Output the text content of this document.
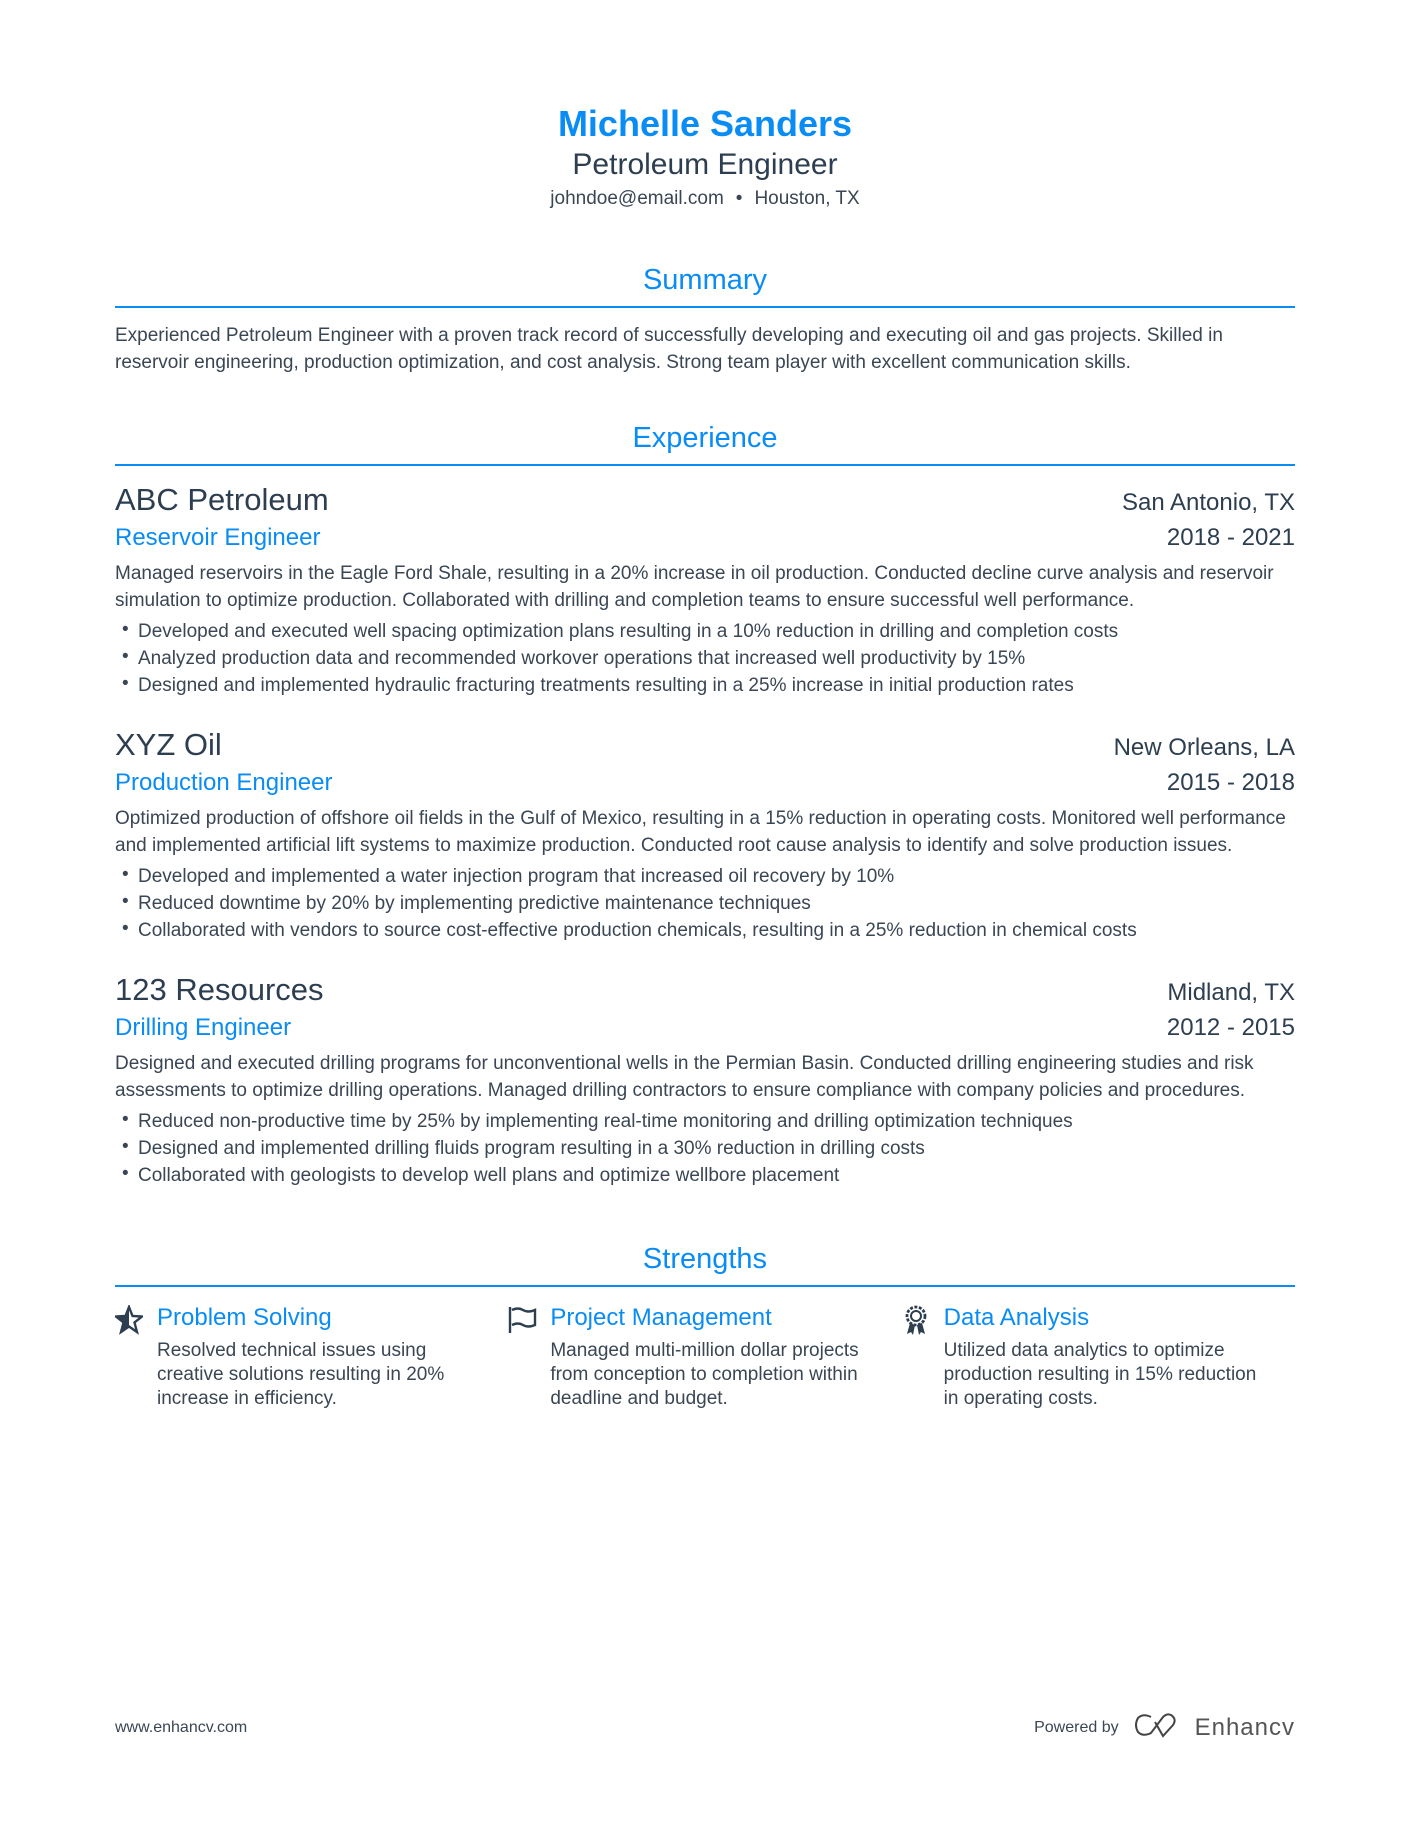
Michelle Sanders
Petroleum Engineer
johndoe@email.com • Houston, TX
Summary

Experienced Petroleum Engineer with a proven track record of successfully developing and executing oil and gas projects. Skilled in reservoir engineering, production optimization, and cost analysis. Strong team player with excellent communication skills.

Experience
ABC Petroleum	San Antonio, TX
Reservoir Engineer	2018 - 2021

Managed reservoirs in the Eagle Ford Shale, resulting in a 20% increase in oil production. Conducted decline curve analysis and reservoir simulation to optimize production. Collaborated with drilling and completion teams to ensure successful well performance.

• Developed and executed well spacing optimization plans resulting in a 10% reduction in drilling and completion costs
• Analyzed production data and recommended workover operations that increased well productivity by 15%
• Designed and implemented hydraulic fracturing treatments resulting in a 25% increase in initial production rates
XYZ Oil	New Orleans, LA
Production Engineer	2015 - 2018

Optimized production of offshore oil fields in the Gulf of Mexico, resulting in a 15% reduction in operating costs. Monitored well performance and implemented artificial lift systems to maximize production. Conducted root cause analysis to identify and solve production issues.

• Developed and implemented a water injection program that increased oil recovery by 10%
• Reduced downtime by 20% by implementing predictive maintenance techniques
• Collaborated with vendors to source cost-effective production chemicals, resulting in a 25% reduction in chemical costs
123 Resources	Midland, TX
Drilling Engineer	2012 - 2015

Designed and executed drilling programs for unconventional wells in the Permian Basin. Conducted drilling engineering studies and risk assessments to optimize drilling operations. Managed drilling contractors to ensure compliance with company policies and procedures.

• Reduced non-productive time by 25% by implementing real-time monitoring and drilling optimization techniques
• Designed and implemented drilling fluids program resulting in a 30% reduction in drilling costs
• Collaborated with geologists to develop well plans and optimize wellbore placement
Strengths
Problem Solving
Resolved technical issues using creative solutions resulting in 20% increase in efficiency.
Project Management
Managed multi-million dollar projects from conception to completion within deadline and budget.
Data Analysis
Utilized data analytics to optimize production resulting in 15% reduction in operating costs.
www.enhancv.com	Powered by	Enhancv
